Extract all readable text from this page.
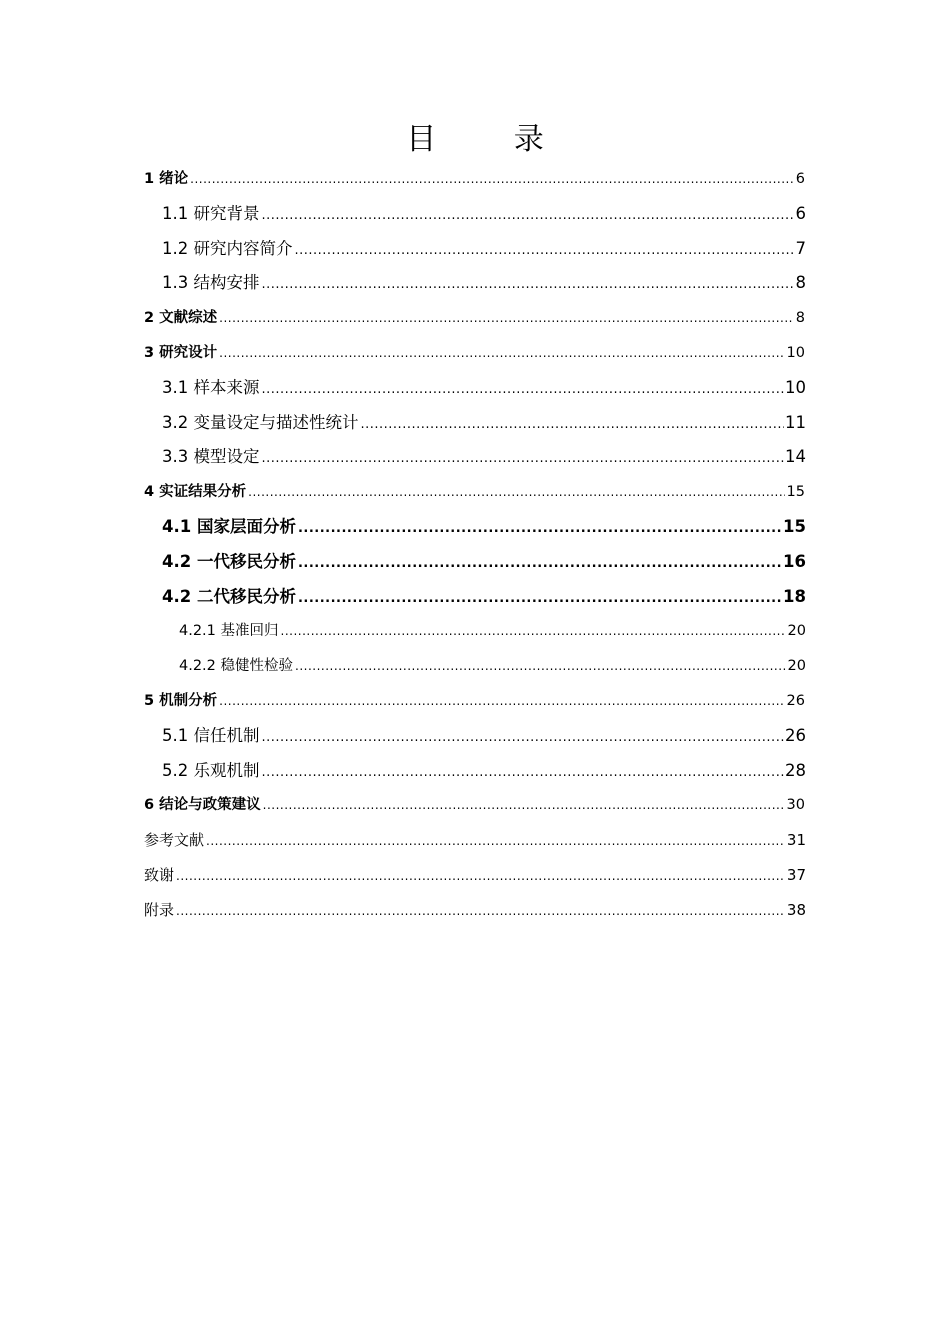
目 录
1 绪论 .....	6
1.1 研究背景 .....	6
1.2 研究内容简介 .....	7
1.3 结构安排 .....	8
2 文献综述 .....	8
3 研究设计 .....	10
3.1 样本来源 .....	10
3.2 变量设定与描述性统计 .....	11
3.3 模型设定 .....	14
4 实证结果分析 .....	15
4.1 国家层面分析 .....	15
4.2 一代移民分析 .....	16
4.2 二代移民分析 .....	18
4.2.1 基准回归 .....	20
4.2.2 稳健性检验 .....	20
5 机制分析 .....	26
5.1 信任机制 .....	26
5.2 乐观机制 .....	28
6 结论与政策建议 .....	30
参考文献 .....	31
致谢 .....	37
附录 .....	38
